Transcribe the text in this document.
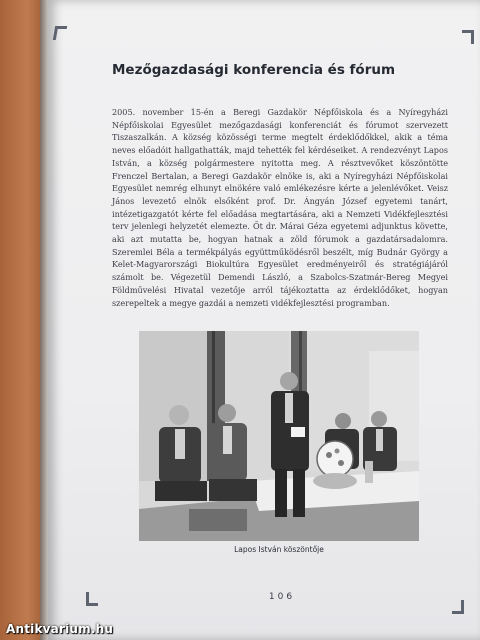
Mezőgazdasági konferencia és fórum

2005. november 15-én a Beregi Gazdakör Népfőiskola és a Nyíregyházi Népfőiskolai Egyesület mezőgazdasági konferenciát és fórumot szervezett Tiszaszalkán. A község közösségi terme megtelt érdeklődőkkel, akik a téma neves előadóit hallgathatták, majd tehették fel kérdéseiket. A rendezvényt Lapos István, a község polgármestere nyitotta meg. A résztvevőket köszöntötte Frenczel Bertalan, a Beregi Gazdakör elnöke is, aki a Nyíregyházi Népfőiskolai Egyesület nemrég elhunyt elnökére való emlékezésre kérte a jelenlévőket. Veisz János levezető elnök elsőként prof. Dr. Ángyán József egyetemi tanárt, intézetigazgatót kérte fel előadása megtartására, aki a Nemzeti Vidékfejlesztési terv jelenlegi helyzetét elemezte. Őt dr. Márai Géza egyetemi adjunktus követte, aki azt mutatta be, hogyan hatnak a zöld fórumok a gazdatársadalomra. Szeremlei Béla a termékpályás együttműködésről beszélt, míg Budnár György a Kelet-Magyarországi Biokultúra Egyesület eredményeiről és stratégiájáról számolt be. Végezetül Demendi László, a Szabolcs-Szatmár-Bereg Megyei Földművelési Hivatal vezetője arról tájékoztatta az érdeklődőket, hogyan szerepeltek a megye gazdái a nemzeti vidékfejlesztési programban.

Lapos István köszöntője

106

Antikvarium.hu
